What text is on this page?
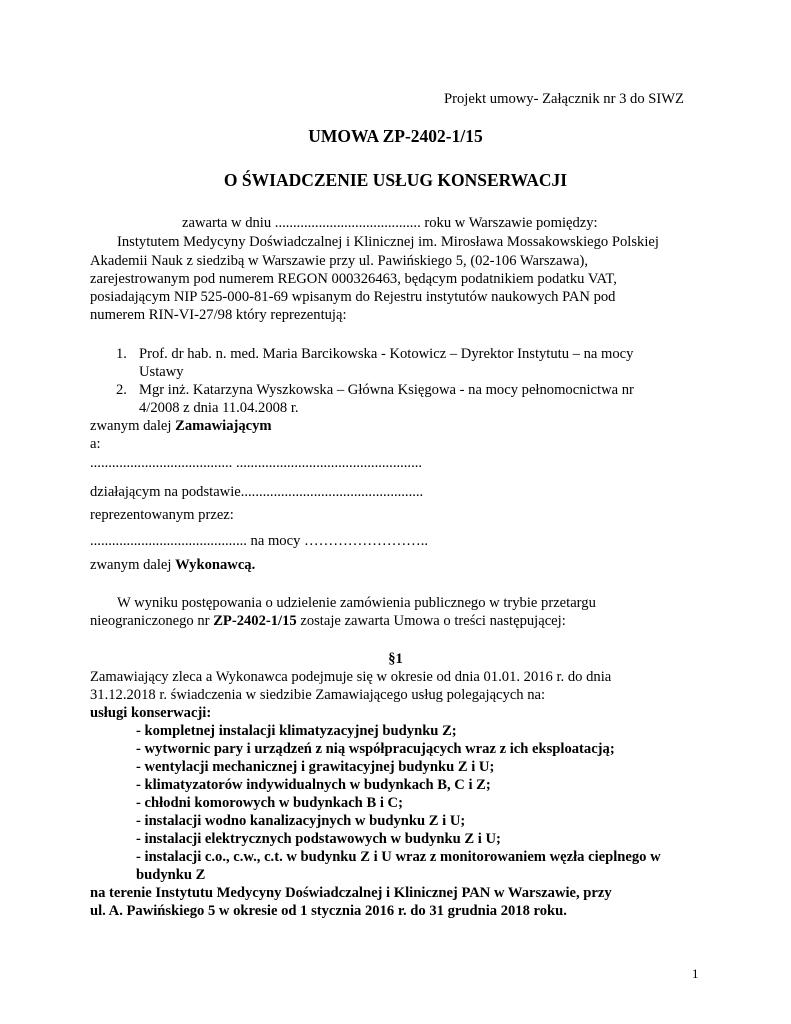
Projekt umowy- Załącznik nr 3 do SIWZ
UMOWA ZP-2402-1/15
O ŚWIADCZENIE USŁUG KONSERWACJI
zawarta w dniu ........................................ roku w Warszawie pomiędzy:
Instytutem Medycyny Doświadczalnej i Klinicznej im. Mirosława Mossakowskiego Polskiej
Akademii Nauk z siedzibą w Warszawie przy ul. Pawińskiego 5, (02-106 Warszawa),
zarejestrowanym pod numerem REGON 000326463, będącym podatnikiem podatku VAT,
posiadającym NIP 525-000-81-69 wpisanym do Rejestru instytutów naukowych PAN pod
numerem RIN-VI-27/98 który reprezentują:
1. Prof. dr hab. n. med. Maria Barcikowska - Kotowicz – Dyrektor Instytutu – na mocy
Ustawy
2. Mgr inż. Katarzyna Wyszkowska – Główna Księgowa - na mocy pełnomocnictwa nr
4/2008 z dnia 11.04.2008 r.
zwanym dalej Zamawiającym
a:
....................................... ...................................................
działającym na podstawie..................................................
reprezentowanym przez:
........................................... na mocy ……………………..
zwanym dalej Wykonawcą.
W wyniku postępowania o udzielenie zamówienia publicznego w trybie przetargu
nieograniczonego nr ZP-2402-1/15 zostaje zawarta Umowa o treści następującej:
§1
Zamawiający zleca a Wykonawca podejmuje się w okresie od dnia 01.01. 2016 r. do dnia
31.12.2018 r. świadczenia w siedzibie Zamawiającego usług polegających na:
usługi konserwacji:
- kompletnej instalacji klimatyzacyjnej budynku Z;
- wytwornic pary i urządzeń z nią współpracujących wraz z ich eksploatacją;
- wentylacji mechanicznej i grawitacyjnej budynku Z i U;
- klimatyzatorów indywidualnych w budynkach B, C i Z;
- chłodni komorowych w budynkach B i C;
- instalacji wodno kanalizacyjnych w budynku Z i U;
- instalacji elektrycznych podstawowych w budynku Z i U;
- instalacji c.o., c.w., c.t. w budynku Z i U wraz z monitorowaniem węzła cieplnego w
budynku Z
na terenie Instytutu Medycyny Doświadczalnej i Klinicznej PAN w Warszawie, przy
ul. A. Pawińskiego 5 w okresie od 1 stycznia 2016 r. do 31 grudnia 2018 roku.
1
